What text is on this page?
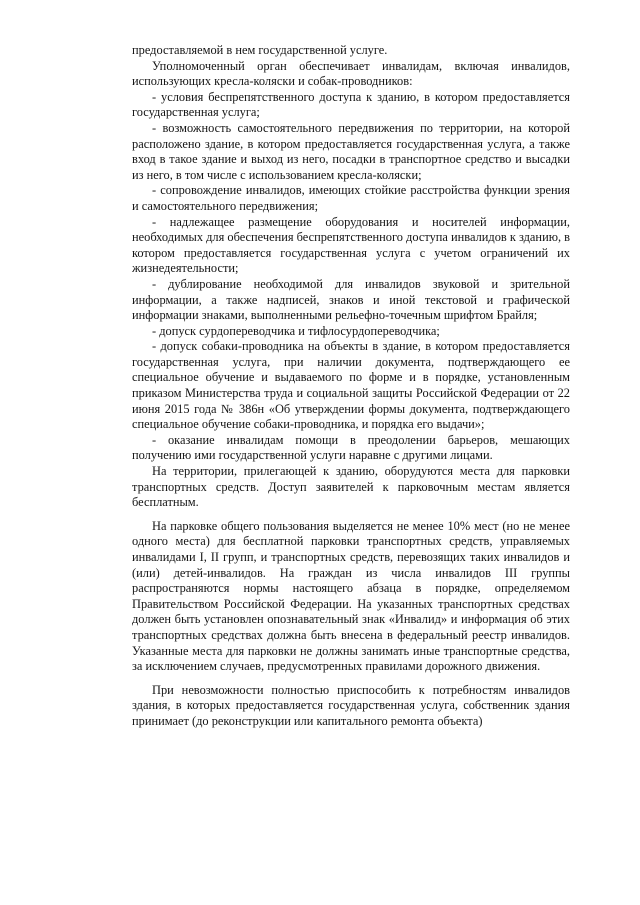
предоставляемой в нем государственной услуге.

Уполномоченный орган обеспечивает инвалидам, включая инвалидов, использующих кресла-коляски и собак-проводников:

- условия беспрепятственного доступа к зданию, в котором предоставляется государственная услуга;

- возможность самостоятельного передвижения по территории, на которой расположено здание, в котором предоставляется государственная услуга, а также вход в такое здание и выход из него, посадки в транспортное средство и высадки из него, в том числе с использованием кресла-коляски;

- сопровождение инвалидов, имеющих стойкие расстройства функции зрения и самостоятельного передвижения;

- надлежащее размещение оборудования и носителей информации, необходимых для обеспечения беспрепятственного доступа инвалидов к зданию, в котором предоставляется государственная услуга с учетом ограничений их жизнедеятельности;

- дублирование необходимой для инвалидов звуковой и зрительной информации, а также надписей, знаков и иной текстовой и графической информации знаками, выполненными рельефно-точечным шрифтом Брайля;

- допуск сурдопереводчика и тифлосурдопереводчика;

- допуск собаки-проводника на объекты в здание, в котором предоставляется государственная услуга, при наличии документа, подтверждающего ее специальное обучение и выдаваемого по форме и в порядке, установленным приказом Министерства труда и социальной защиты Российской Федерации от 22 июня 2015 года № 386н «Об утверждении формы документа, подтверждающего специальное обучение собаки-проводника, и порядка его выдачи»;

- оказание инвалидам помощи в преодолении барьеров, мешающих получению ими государственной услуги наравне с другими лицами.

На территории, прилегающей к зданию, оборудуются места для парковки транспортных средств. Доступ заявителей к парковочным местам является бесплатным.

На парковке общего пользования выделяется не менее 10% мест (но не менее одного места) для бесплатной парковки транспортных средств, управляемых инвалидами I, II групп, и транспортных средств, перевозящих таких инвалидов и (или) детей-инвалидов. На граждан из числа инвалидов III группы распространяются нормы настоящего абзаца в порядке, определяемом Правительством Российской Федерации. На указанных транспортных средствах должен быть установлен опознавательный знак «Инвалид» и информация об этих транспортных средствах должна быть внесена в федеральный реестр инвалидов. Указанные места для парковки не должны занимать иные транспортные средства, за исключением случаев, предусмотренных правилами дорожного движения.

При невозможности полностью приспособить к потребностям инвалидов здания, в которых предоставляется государственная услуга, собственник здания принимает (до реконструкции или капитального ремонта объекта)
